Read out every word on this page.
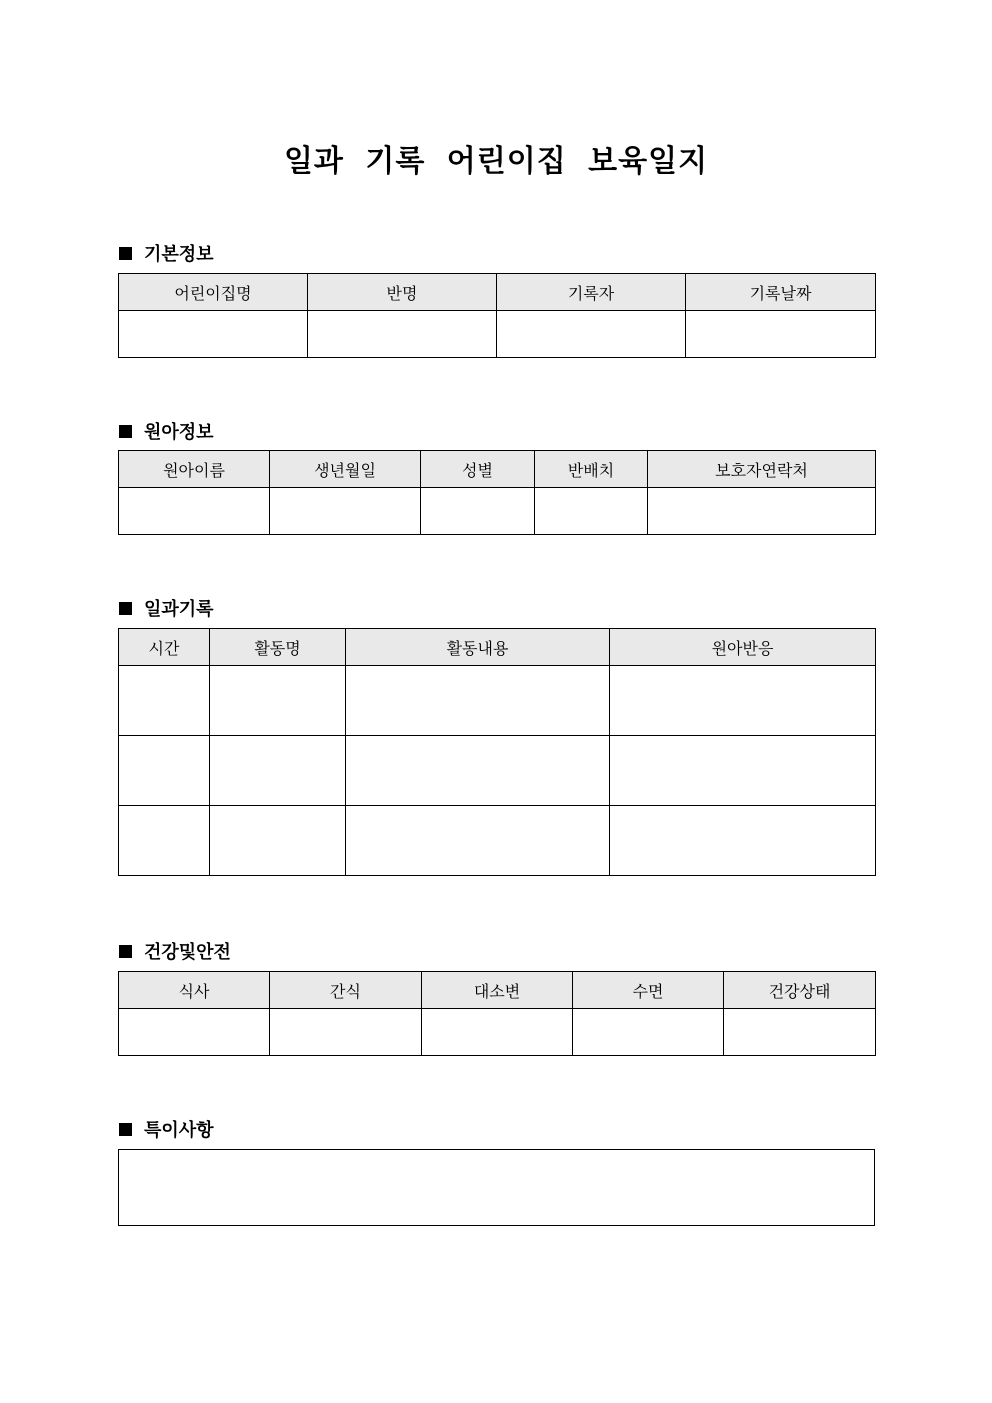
일과 기록 어린이집 보육일지
기본정보
어린이집명	반명	기록자	기록날짜

원아정보
원아이름	생년월일	성별	반배치	보호자연락처

일과기록
시간	활동명	활동내용	원아반응

건강및안전
식사	간식	대소변	수면	건강상태

특이사항
